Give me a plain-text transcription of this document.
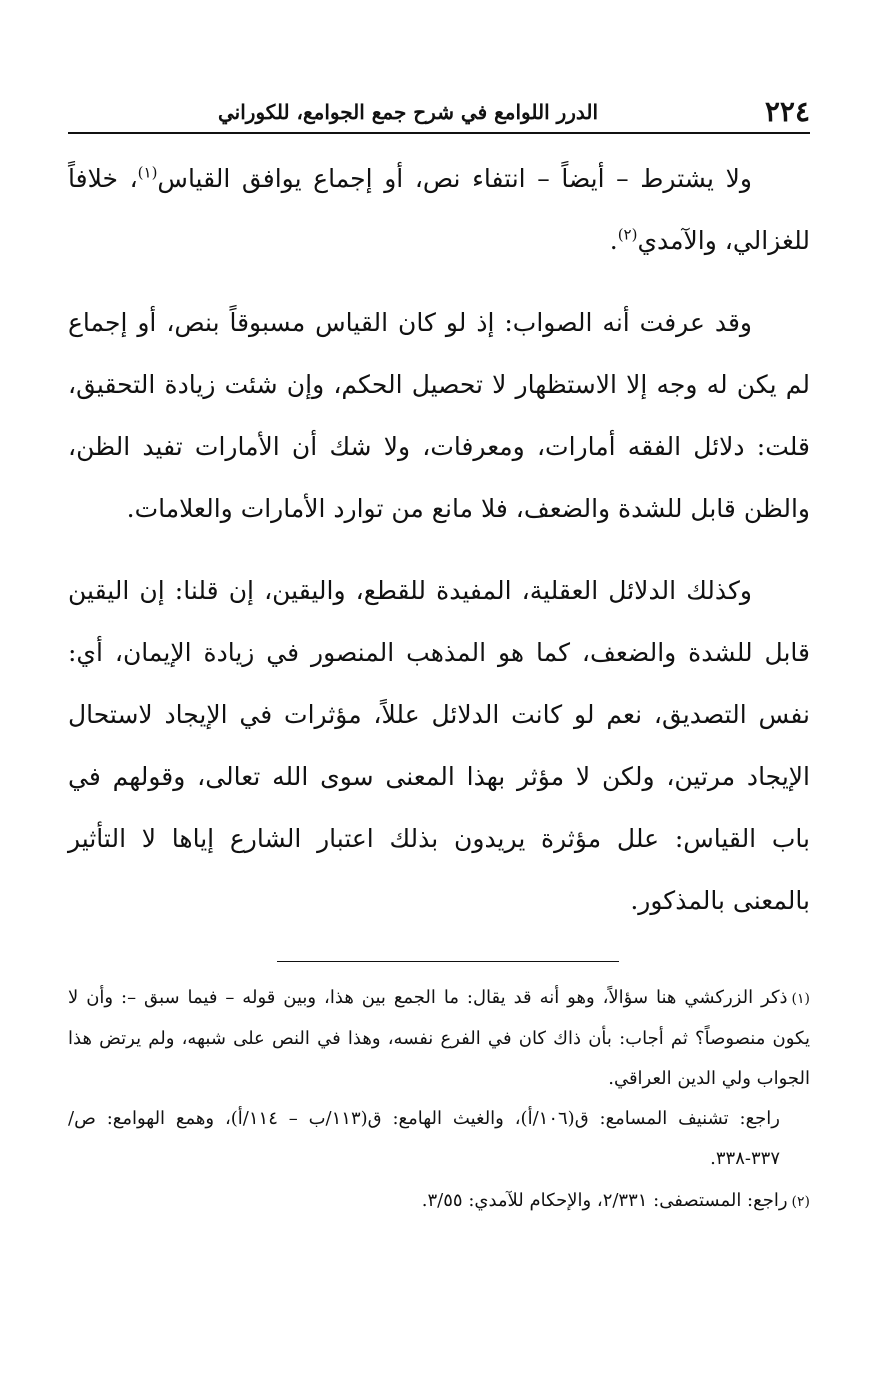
٢٢٤
الدرر اللوامع في شرح جمع الجوامع، للكوراني

ولا يشترط – أيضاً – انتفاء نص، أو إجماع يوافق القياس$^{(١)}$، خلافاً للغزالي، والآمدي$^{(٢)}$.

وقد عرفت أنه الصواب: إذ لو كان القياس مسبوقاً بنص، أو إجماع لم يكن له وجه إلا الاستظهار لا تحصيل الحكم، وإن شئت زيادة التحقيق، قلت: دلائل الفقه أمارات، ومعرفات، ولا شك أن الأمارات تفيد الظن، والظن قابل للشدة والضعف، فلا مانع من توارد الأمارات والعلامات.

وكذلك الدلائل العقلية، المفيدة للقطع، واليقين، إن قلنا: إن اليقين قابل للشدة والضعف، كما هو المذهب المنصور في زيادة الإيمان، أي: نفس التصديق، نعم لو كانت الدلائل عللاً، مؤثرات في الإيجاد لاستحال الإيجاد مرتين، ولكن لا مؤثر بهذا المعنى سوى الله تعالى، وقولهم في باب القياس: علل مؤثرة يريدون بذلك اعتبار الشارع إياها لا التأثير بالمعنى بالمذكور.

(١)ذكر الزركشي هنا سؤالاً، وهو أنه قد يقال: ما الجمع بين هذا، وبين قوله – فيما سبق –: وأن لا يكون منصوصاً؟ ثم أجاب: بأن ذاك كان في الفرع نفسه، وهذا في النص على شبهه، ولم يرتض هذا الجواب ولي الدين العراقي.

راجع: تشنيف المسامع: ق(١٠٦/أ)، والغيث الهامع: ق(١١٣/ب – ١١٤/أ)، وهمع الهوامع: ص/٣٣٧-٣٣٨.

(٢)راجع: المستصفى: ٢/٣٣١، والإحكام للآمدي: ٣/٥٥.
